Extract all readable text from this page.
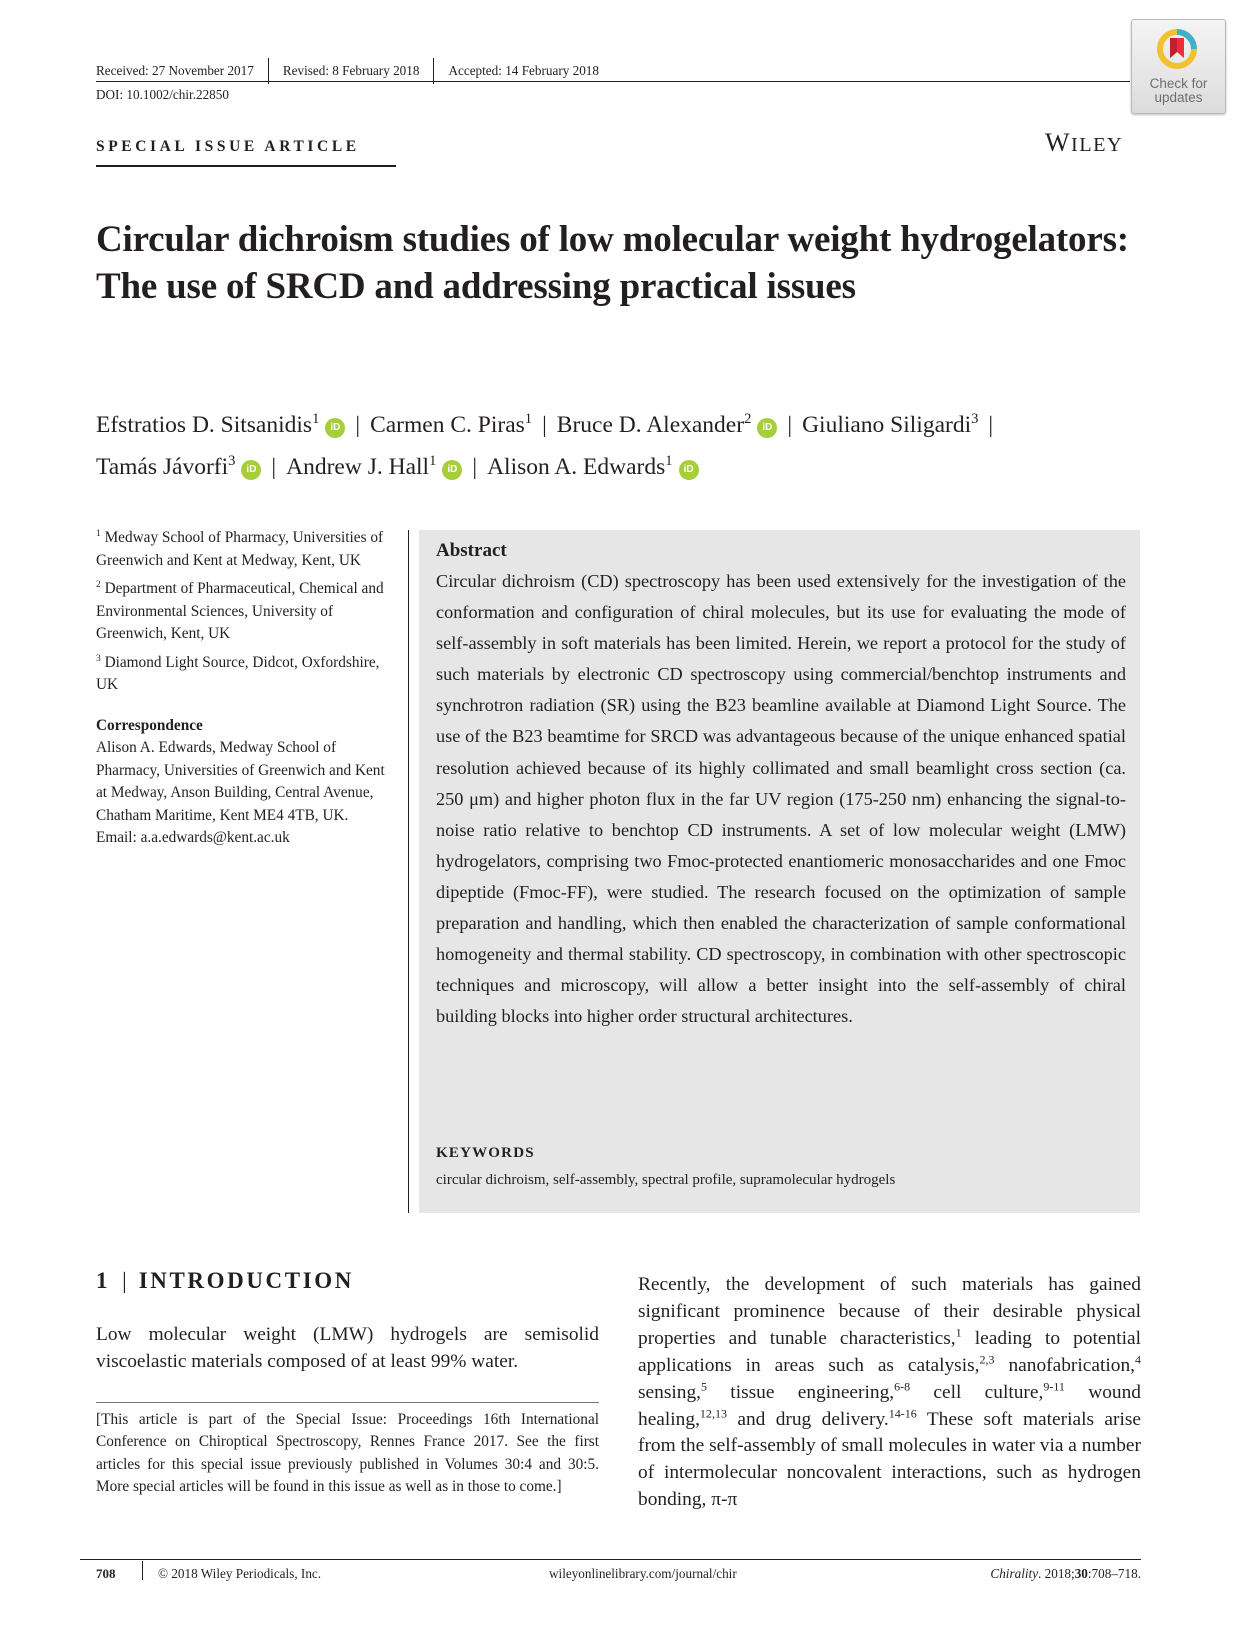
Received: 27 November 2017	Revised: 8 February 2018	Accepted: 14 February 2018
DOI: 10.1002/chir.22850
Check for
updates
SPECIAL ISSUE ARTICLE	WILEY
Circular dichroism studies of low molecular weight hydrogelators: The use of SRCD and addressing practical issues
Efstratios D. Sitsanidis$^1$iD | Carmen C. Piras$^1$ | Bruce D. Alexander$^2$iD | Giuliano Siligardi$^3$ |
Tamás Jávorfi$^3$iD | Andrew J. Hall$^1$iD | Alison A. Edwards$^1$iD

$^1$ Medway School of Pharmacy, Universities of Greenwich and Kent at Medway, Kent, UK

$^2$ Department of Pharmaceutical, Chemical and Environmental Sciences, University of Greenwich, Kent, UK

$^3$ Diamond Light Source, Didcot, Oxfordshire, UK

Correspondence

Alison A. Edwards, Medway School of Pharmacy, Universities of Greenwich and Kent at Medway, Anson Building, Central Avenue, Chatham Maritime, Kent ME4 4TB, UK.

Email: a.a.edwards@kent.ac.uk

Abstract
Circular dichroism (CD) spectroscopy has been used extensively for the investigation of the conformation and configuration of chiral molecules, but its use for evaluating the mode of self-assembly in soft materials has been limited. Herein, we report a protocol for the study of such materials by electronic CD spectroscopy using commercial/benchtop instruments and synchrotron radiation (SR) using the B23 beamline available at Diamond Light Source. The use of the B23 beamtime for SRCD was advantageous because of the unique enhanced spatial resolution achieved because of its highly collimated and small beamlight cross section (ca. 250 μm) and higher photon flux in the far UV region (175-250 nm) enhancing the signal-to-noise ratio relative to benchtop CD instruments. A set of low molecular weight (LMW) hydrogelators, comprising two Fmoc-protected enantiomeric monosaccharides and one Fmoc dipeptide (Fmoc-FF), were studied. The research focused on the optimization of sample preparation and handling, which then enabled the characterization of sample conformational homogeneity and thermal stability. CD spectroscopy, in combination with other spectroscopic techniques and microscopy, will allow a better insight into the self-assembly of chiral building blocks into higher order structural architectures.
KEYWORDS
circular dichroism, self-assembly, spectral profile, supramolecular hydrogels
1 | INTRODUCTION
Low molecular weight (LMW) hydrogels are semisolid viscoelastic materials composed of at least 99% water.
[This article is part of the Special Issue: Proceedings 16th International Conference on Chiroptical Spectroscopy, Rennes France 2017. See the first articles for this special issue previously published in Volumes 30:4 and 30:5. More special articles will be found in this issue as well as in those to come.]
Recently, the development of such materials has gained significant prominence because of their desirable physical properties and tunable characteristics,$^1$ leading to potential applications in areas such as catalysis,$^{2,3}$ nanofabrication,$^4$ sensing,$^5$ tissue engineering,$^{6-8}$ cell culture,$^{9-11}$ wound healing,$^{12,13}$ and drug delivery.$^{14-16}$ These soft materials arise from the self-assembly of small molecules in water via a number of intermolecular noncovalent interactions, such as hydrogen bonding, π-π
708	© 2018 Wiley Periodicals, Inc.	wileyonlinelibrary.com/journal/chir	Chirality. 2018;30:708–718.
